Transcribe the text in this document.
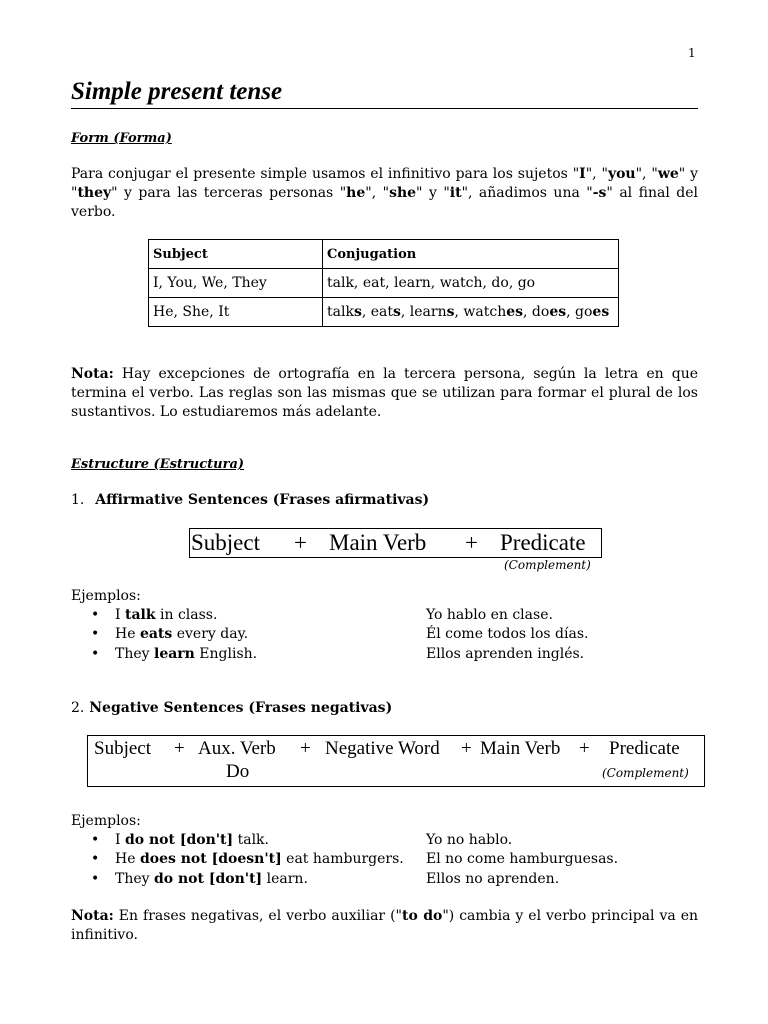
1
Simple present tense
Form (Forma)
Para conjugar el presente simple usamos el infinitivo para los sujetos "I", "you", "we" y "they" y para las terceras personas "he", "she" y "it", añadimos una "-s" al final del verbo.
Subject	Conjugation
I, You, We, They	talk, eat, learn, watch, do, go
He, She, It	talks, eats, learns, watches, does, goes
Nota: Hay excepciones de ortografía en la tercera persona, según la letra en que termina el verbo. Las reglas son las mismas que se utilizan para formar el plural de los sustantivos. Lo estudiaremos más adelante.
Estructure (Estructura)
1. Affirmative Sentences (Frases afirmativas)
Subject + Main Verb + Predicate
(Complement)
Ejemplos:
• I talk in class.	Yo hablo en clase.
• He eats every day.	Él come todos los días.
• They learn English.	Ellos aprenden inglés.
2. Negative Sentences (Frases negativas)
Subject + Aux. Verb + Negative Word + Main Verb + Predicate
Do	(Complement)
Ejemplos:
• I do not [don't] talk.	Yo no hablo.
• He does not [doesn't] eat hamburgers. El no come hamburguesas.
• They do not [don't] learn.	Ellos no aprenden.
Nota: En frases negativas, el verbo auxiliar ("to do") cambia y el verbo principal va en infinitivo.
